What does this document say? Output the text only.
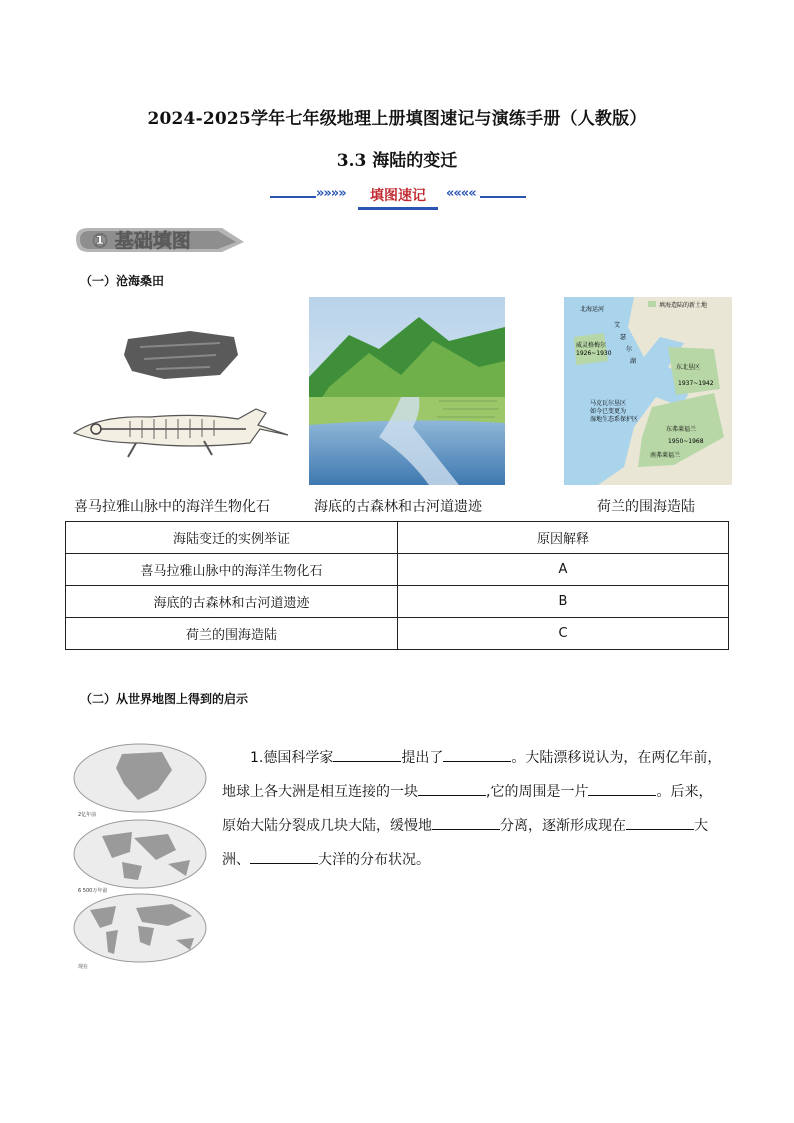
2024-2025学年七年级地理上册填图速记与演练手册（人教版）
3.3 海陆的变迁
»»»»	填图速记	««««
① 基础填图
（一）沧海桑田
填海造陆的新土地
北海运河
艾
瑟
尔
湖
威灵格梅尔
1926~1930
东北垦区
1937~1942
马克瓦尔垦区
如今已变更为
湿地生态系保护区
东弗莱福兰
1950~1968
南弗莱福兰
喜马拉雅山脉中的海洋生物化石	海底的古森林和古河道遗迹	荷兰的围海造陆
海陆变迁的实例举证	原因解释
喜马拉雅山脉中的海洋生物化石	A
海底的古森林和古河道遗迹	B
荷兰的围海造陆	C
（二）从世界地图上得到的启示
2亿年前
6 500万年前
现在
1.德国科学家	提出了	。大陆漂移说认为，在两亿年前，
地球上各大洲是相互连接的一块	,它的周围是一片	。后来，
原始大陆分裂成几块大陆，缓慢地	分离，逐渐形成现在	大
洲、	大洋的分布状况。
